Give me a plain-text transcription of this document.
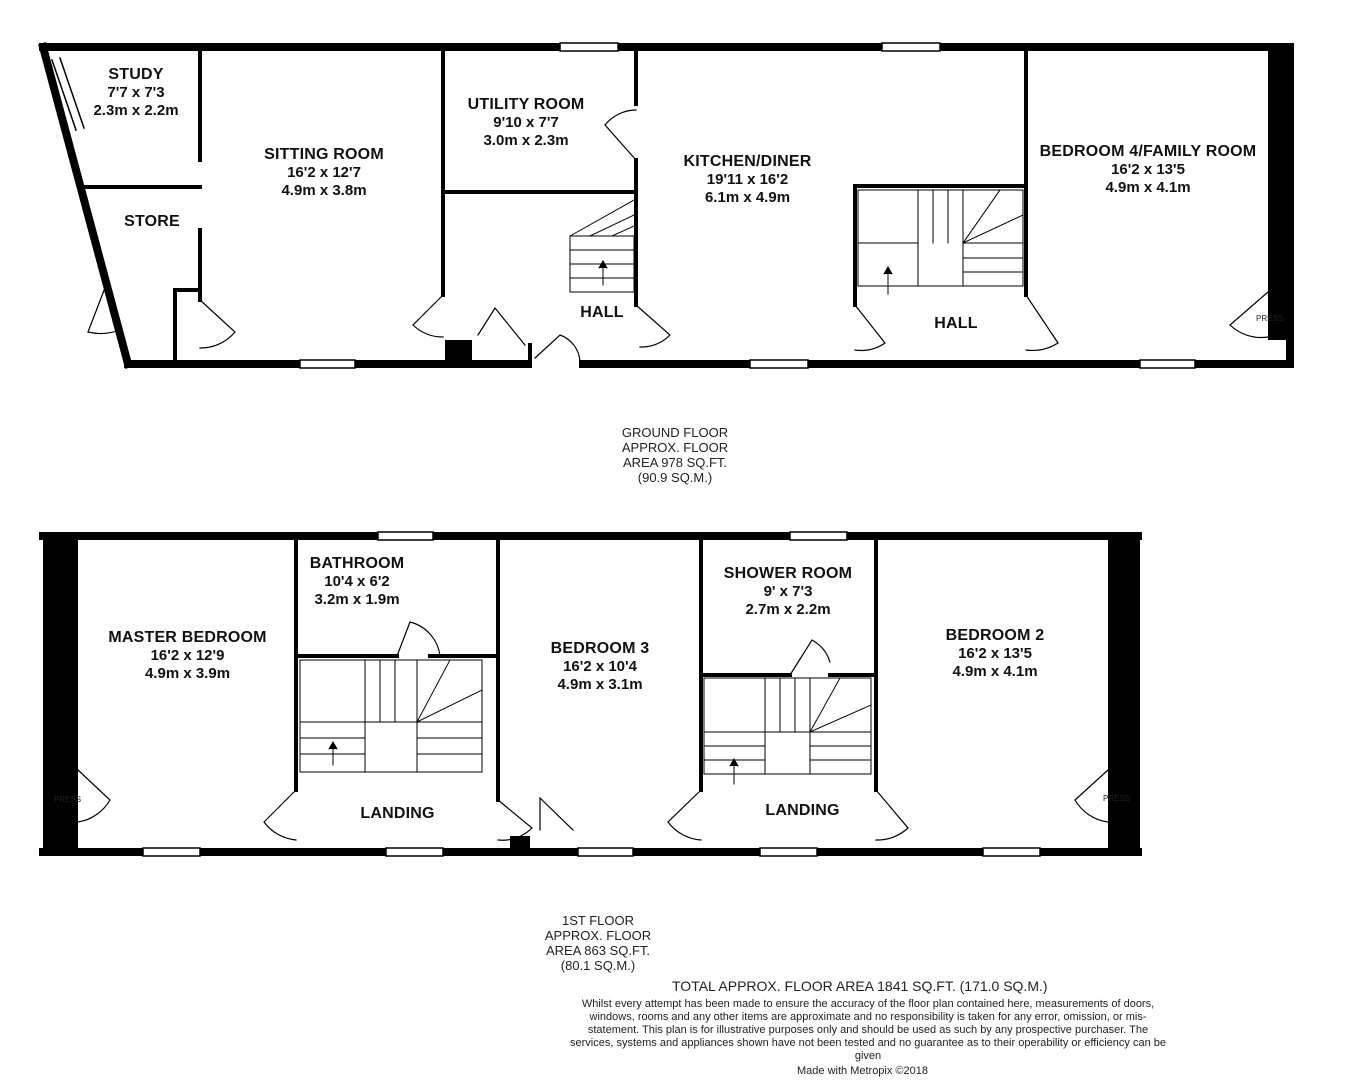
STUDY
7'7 x 7'3
2.3m x 2.2m
STORE
SITTING ROOM
16'2 x 12'7
4.9m x 3.8m
UTILITY ROOM
9'10 x 7'7
3.0m x 2.3m
HALL
KITCHEN/DINER
19'11 x 16'2
6.1m x 4.9m
HALL
BEDROOM 4/FAMILY ROOM
16'2 x 13'5
4.9m x 4.1m
PRESS
GROUND FLOOR
APPROX. FLOOR
AREA 978 SQ.FT.
(90.9 SQ.M.)
MASTER BEDROOM
16'2 x 12'9
4.9m x 3.9m
BATHROOM
10'4 x 6'2
3.2m x 1.9m
LANDING
BEDROOM 3
16'2 x 10'4
4.9m x 3.1m
SHOWER ROOM
9' x 7'3
2.7m x 2.2m
LANDING
BEDROOM 2
16'2 x 13'5
4.9m x 4.1m
PRESS	PRESS
1ST FLOOR
APPROX. FLOOR
AREA 863 SQ.FT.
(80.1 SQ.M.)
TOTAL APPROX. FLOOR AREA 1841 SQ.FT. (171.0 SQ.M.)
Whilst every attempt has been made to ensure the accuracy of the floor plan contained here, measurements of doors, windows, rooms and any other items are approximate and no responsibility is taken for any error, omission, or mis-statement. This plan is for illustrative purposes only and should be used as such by any prospective purchaser. The services, systems and appliances shown have not been tested and no guarantee as to their operability or efficiency can be given
Made with Metropix ©2018
